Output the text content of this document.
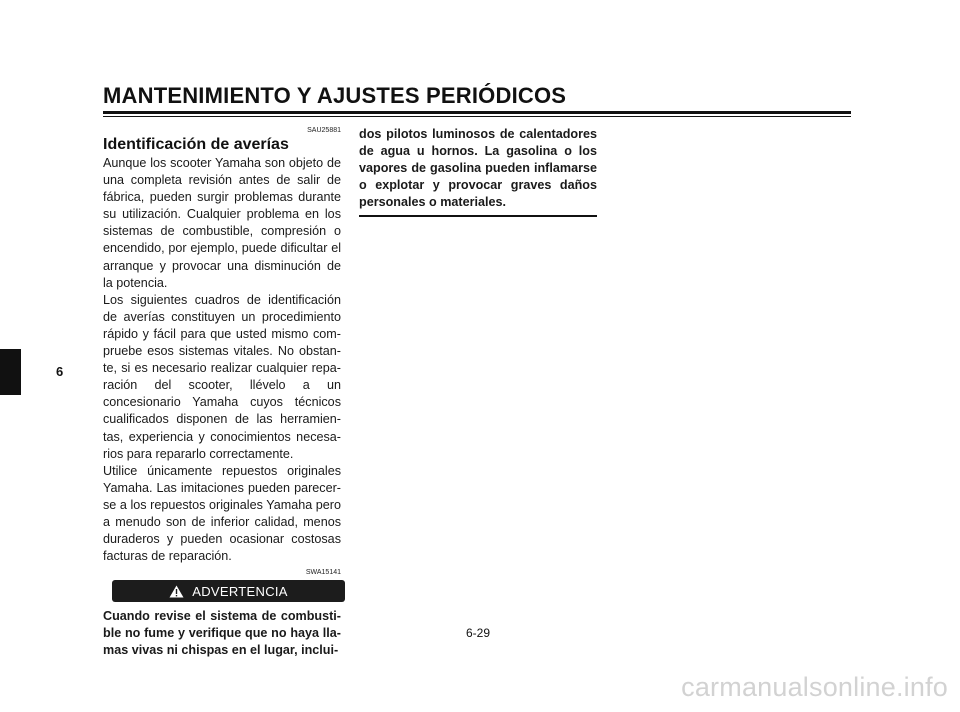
MANTENIMIENTO Y AJUSTES PERIÓDICOS
6
SAU25881
Identificación de averías

Aunque los scooter Yamaha son objeto de una completa revisión antes de salir de fábrica, pueden surgir problemas durante su utilización. Cualquier problema en los sistemas de combustible, compresión o encendido, por ejemplo, puede dificultar el arranque y provocar una disminución de la potencia.

Los siguientes cuadros de identificación de averías constituyen un procedimiento rápido y fácil para que usted mismo com- pruebe esos sistemas vitales. No obstan- te, si es necesario realizar cualquier repa- ración del scooter, llévelo a un concesionario Yamaha cuyos técnicos cualificados disponen de las herramien- tas, experiencia y conocimientos necesa- rios para repararlo correctamente.

Utilice únicamente repuestos originales Yamaha. Las imitaciones pueden parecer- se a los repuestos originales Yamaha pero a menudo son de inferior calidad, menos duraderos y pueden ocasionar costosas facturas de reparación.

SWA15141
ADVERTENCIA

Cuando revise el sistema de combusti- ble no fume y verifique que no haya lla- mas vivas ni chispas en el lugar, inclui-

dos pilotos luminosos de calentadores de agua u hornos. La gasolina o los vapores de gasolina pueden inflamarse o explotar y provocar graves daños personales o materiales.

6-29
carmanualsonline.info
